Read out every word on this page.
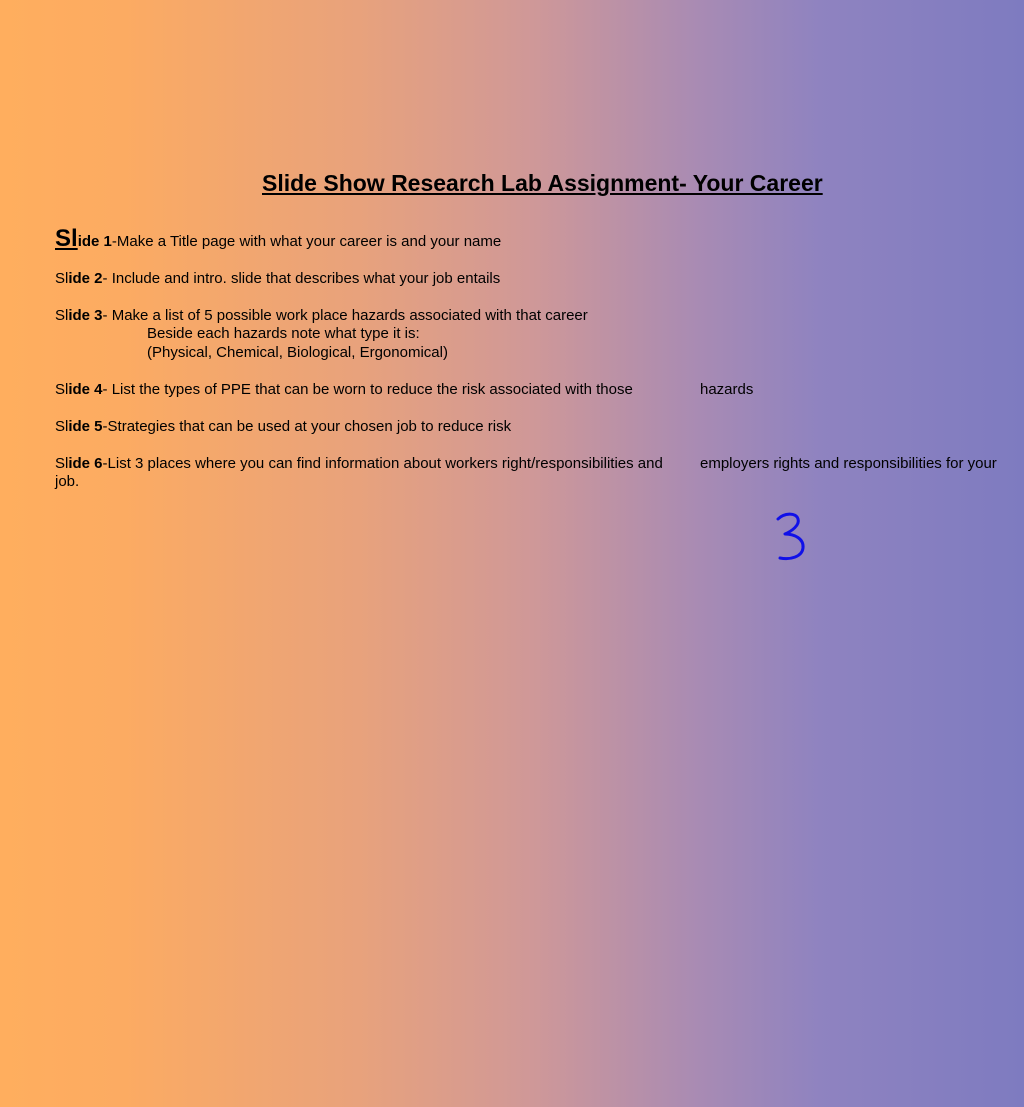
Slide Show Research Lab Assignment- Your Career
Slide 1-Make a Title page with what your career is and your name
Slide 2- Include and intro. slide that describes what your job entails
Slide 3- Make a list of 5 possible work place hazards associated with that career
Beside each hazards note what type it is:
(Physical, Chemical, Biological, Ergonomical)
Slide 4- List the types of PPE that can be worn to reduce the risk associated with those	hazards
Slide 5-Strategies that can be used at your chosen job to reduce risk
Slide 6-List 3 places where you can find information about workers right/responsibilities and employers rights and responsibilities for your
job.
